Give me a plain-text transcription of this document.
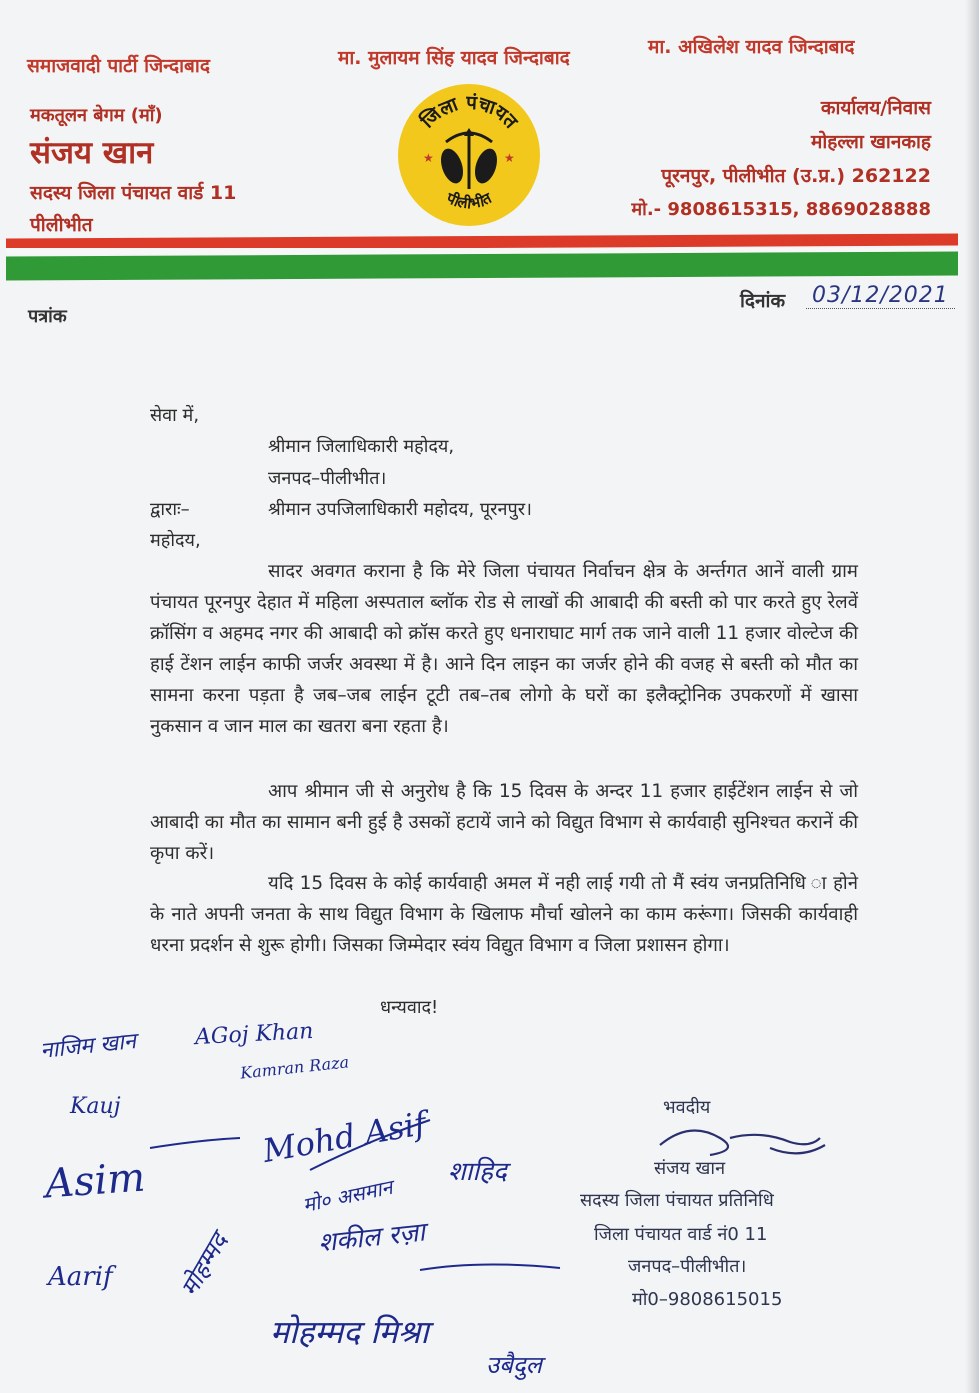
समाजवादी पार्टी जिन्दाबाद	मा. मुलायम सिंह यादव जिन्दाबाद	मा. अखिलेश यादव जिन्दाबाद
मकतूलन बेगम (माँ)
संजय खान
सदस्य जिला पंचायत वार्ड 11
पीलीभीत
जिला पंचायत
पीलीभीत
★	★
कार्यालय/निवास
मोहल्ला खानकाह
पूरनपुर, पीलीभीत (उ.प्र.) 262122
मो.- 9808615315, 8869028888
पत्रांक
दिनांक 03/12/2021
सेवा में,
श्रीमान जिलाधिकारी महोदय,
जनपद–पीलीभीत।
द्वाराः–	श्रीमान उपजिलाधिकारी महोदय, पूरनपुर।
महोदय,
सादर अवगत कराना है कि मेरे जिला पंचायत निर्वाचन क्षेत्र के अर्न्तगत आनें वाली ग्राम पंचायत पूरनपुर देहात में महिला अस्पताल ब्लॉक रोड से लाखों की आबादी की बस्ती को पार करते हुए रेलवें क्रॉसिंग व अहमद नगर की आबादी को क्रॉस करते हुए धनाराघाट मार्ग तक जाने वाली 11 हजार वोल्टेज की हाई टेंशन लाईन काफी जर्जर अवस्था में है। आने दिन लाइन का जर्जर होने की वजह से बस्ती को मौत का सामना करना पड़ता है जब–जब लाईन टूटी तब–तब लोगो के घरों का इलैक्ट्रोनिक उपकरणों में खासा नुकसान व जान माल का खतरा बना रहता है।
आप श्रीमान जी से अनुरोध है कि 15 दिवस के अन्दर 11 हजार हाईटेंशन लाईन से जो आबादी का मौत का सामान बनी हुई है उसकों हटायें जाने को विद्युत विभाग से कार्यवाही सुनिश्चत करानें की कृपा करें।
यदि 15 दिवस के कोई कार्यवाही अमल में नही लाई गयी तो मैं स्वंय जनप्रतिनिधि ा होने के नाते अपनी जनता के साथ विद्युत विभाग के खिलाफ मौर्चा खोलने का काम करूंगा। जिसकी कार्यवाही धरना प्रदर्शन से शुरू होगी। जिसका जिम्मेदार स्वंय विद्युत विभाग व जिला प्रशासन होगा।
धन्यवाद!
भवदीय
संजय खान
सदस्य जिला पंचायत प्रतिनिधि
जिला पंचायत वार्ड नं0 11
जनपद–पीलीभीत।
मो0–9808615015
नाजिम खान	AGoj Khan
Kamran Raza
Kauj
Asim
Mohd Asif
शाहिद
मो० असमान
शकील रज़ा
Aarif	मोहम्मद
मोहम्मद मिश्रा
उबैदुल
